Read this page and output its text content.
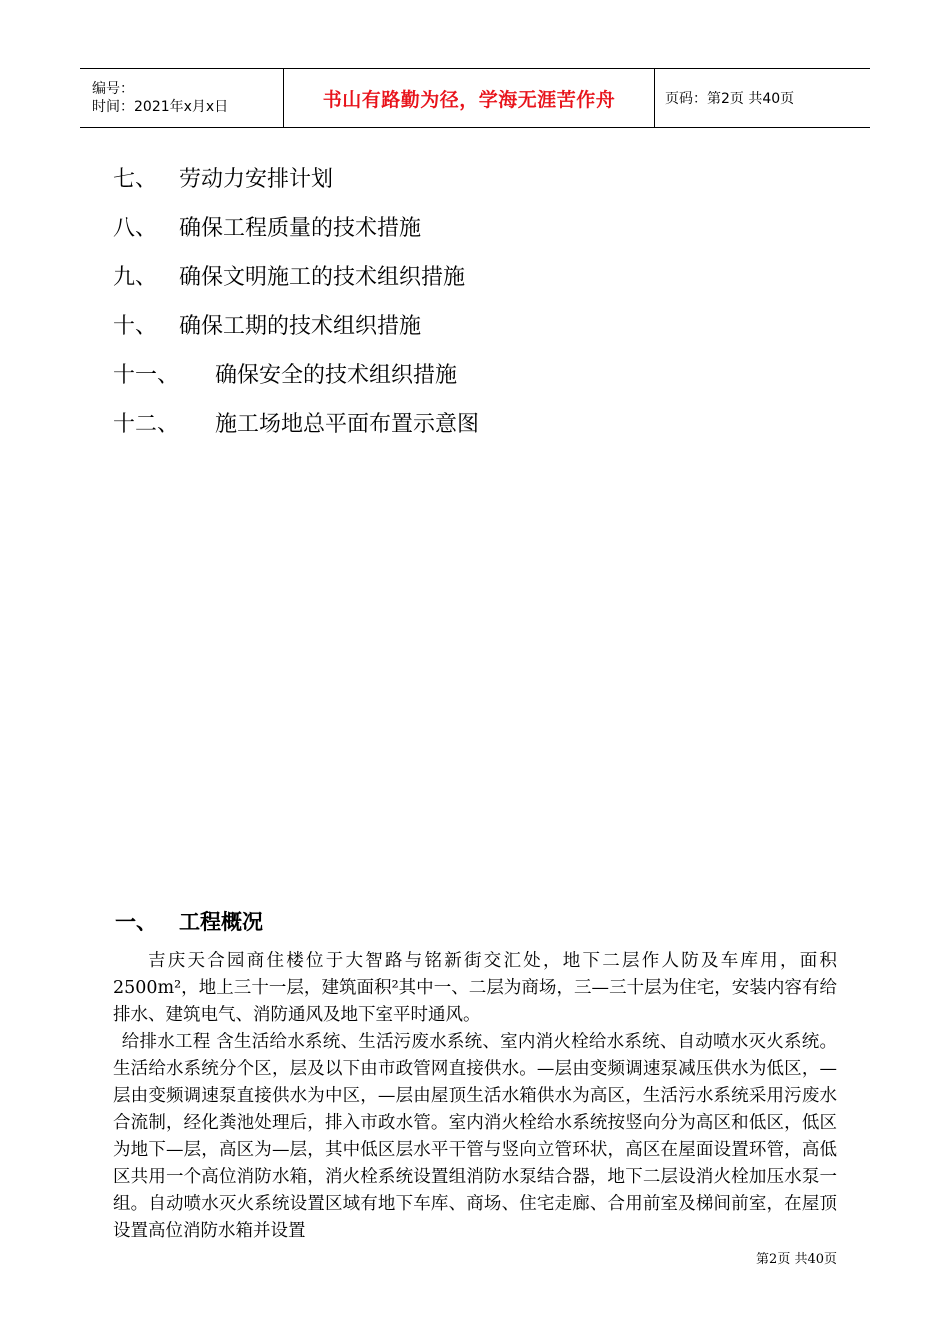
编号：
时间：2021年x月x日	书山有路勤为径，学海无涯苦作舟	页码：第2页 共40页
七、 劳动力安排计划
八、 确保工程质量的技术措施
九、 确保文明施工的技术组织措施
十、 确保工期的技术组织措施
十一、	确保安全的技术组织措施
十二、	施工场地总平面布置示意图
一、 工程概况
吉庆天合园商住楼位于大智路与铭新街交汇处，地下二层作人防及车库用，面积2500m²，地上三十一层，建筑面积²其中一、二层为商场，三—三十层为住宅，安装内容有给排水、建筑电气、消防通风及地下室平时通风。
给排水工程 含生活给水系统、生活污废水系统、室内消火栓给水系统、自动喷水灭火系统。生活给水系统分个区，层及以下由市政管网直接供水。—层由变频调速泵减压供水为低区，—层由变频调速泵直接供水为中区，—层由屋顶生活水箱供水为高区，生活污水系统采用污废水合流制，经化粪池处理后，排入市政水管。室内消火栓给水系统按竖向分为高区和低区，低区为地下—层，高区为—层，其中低区层水平干管与竖向立管环状，高区在屋面设置环管，高低区共用一个高位消防水箱，消火栓系统设置组消防水泵结合器，地下二层设消火栓加压水泵一组。自动喷水灭火系统设置区域有地下车库、商场、住宅走廊、合用前室及梯间前室，在屋顶设置高位消防水箱并设置
第2页 共40页
